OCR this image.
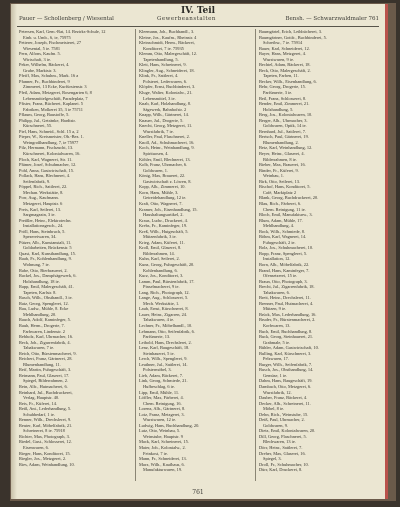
IV. Teil
Pauer — Schollenberg / Wiesental	Gewerbeanstalten	Bensh. — Schwarzwaldmaler 761
Petersen, Karl, Gem.-Rat, 14. Bezirks-Schule, 12
Einb. u. Umb., 6, ie, 75975
Petterer, Joseph, Fischmeisterei, 27
Wiesental, 5 ie. 7581
Pern, Alfons, Kaufm. 5.
Wirtschaft, 3 ie.
Peker, Wilhelm, Bäckerei, 4.
Grube, Marktstr. 3.
Pfeiff, Max, Schuhm., Mark. 16 a
Pfanner, Fr., Buchbinderei, 9
Zimmerei, 13 Ecke, Kurfürstenstr. 3
Pfeil, Adam, Metzgerei, Rosengarten 6, 8
Lebensmittelgeschäft, Paradeplatz, 7
Pfister, Franz, Bücherei, Kaplanei. 5
Fabriken, Molkerei 35, 3 ie 75711
Pflaum, Georg, Baustoffe, 5.
Philipp, Jul., Getränke, Hardtstr.
Kürschnerei, 55.
Piel, Hans, Schneid., Schl. 15 a, 2
Pieper, W., Kreismeister, Ob.-Bez. 1.
Weingroßhandlung, 7, ie 75977
Pilz, Hermann, Fischzucht, 13.
Kürschnerei, Kolonialwaren, 16.
Ploch, Karl, Wagnerei, Str. 11.
Plümer, Josef, Schuhmacher, 12.
Pohl, Anna, Gastwirtschaft, 15.
Pollack, Hans, Blechnerei, 4.
Seifenfabrik, 9.
Pöppel, Rich., Sattlerei, 22.
Mechan. Werkstätte, 8.
Porr, Aug., Kaufmann.
Metzgerei, Hauptstr. 6
Preis, Karl, Seilerei, 13.
Sargmagazin, 3 ie.
Preißler, Heinr., Elektrotechn.
Installationsgesch., 24.
Pröll, Hans, Steinbruch, 5.
Spezereiwaren, 34.
Pützer, Alb., Kunstanstalt, 11.
Goldarbeiten, Brückenstr. 5
Quast, Karl, Kunsthandlung, 15.
Raab, Fr., Kohlenhandlung, 9.
Wohnung, 7 ie.
Rabe, Otto, Bierbrauerei, 2.
Rackel, Jos., Dampfsägewerk, 6.
Holzhandlung, 18 ie.
Rapp, Emil, Malergeschäft, 41.
Tapeten, Karlstr. 8.
Rasch, Wilh., Obsthandl., 3 ie.
Ratz, Georg, Spenglerei, 12.
Rau, Ludw., Mühle, 8. Ecke
Mehlhandlung, 20.
Rauch, Adolf, Kaminfeger, 5.
Rauh, Herm., Drogerie, 7.
Farbwaren, Lindenstr. 2
Rebholz, Karl, Uhrmacher, 16.
Reck, Joh., Zigarrenfabrik, 4.
Tabakwaren, 7 ie.
Reich, Otto, Bürstenmacherei, 9.
Reichert, Franz, Gärtnerei, 28.
Blumenhandlung, 11.
Reif, Martin, Fuhrgeschäft, 3.
Reimann, Paul, Glaserei, 17.
Spiegel, Bilderrahmen, 2.
Rein, Alfr., Hutmacherei, 6.
Reinhard, Jul., Buchdruckerei,
Verlag, Hauptstr. 40.
Reis, Fr., Küferei, 14.
Reiß, Ant., Lederhandlung, 5.
Schuhbedarf, 1 ie.
Renner, Wilh., Drechslerei, 9.
Reuter, Karl, Möbelfabrik, 21.
Schreinerei, 8 ie. 75918
Richter, Max, Photograph, 3.
Riedel, Gust., Schlosserei, 12.
Eisenwaren, 6.
Rieger, Hans, Konditorei, 15.
Riegler, Jos., Metzgerei, 2.
Ries, Adam, Weinhandlung, 10.
Kleemann, Joh., Buchhandl., 3.
Kleine, Jos., Kaufm., Rheinstr. 4
Kleinschmidt, Herm., Bäckerei,
Konditorei, 7 ie. 75935
Klemm, Otto, Malergeschäft, 12.
Tapetenhandlung, 5.
Klett, Hans, Schreinerei, 9.
Klingler, Aug., Schneiderei, 18.
Klink, Fr., Sattlerei, 4.
Polsterei, Lederwaren, 6.
Klöpfer, Ernst, Buchbinderei, 3.
Kluge, Walter, Kolonialw., 21.
Lebensmittel, 3 ie.
Knab, Karl, Holzhandlung, 8.
Sägewerk, Bahnhofstr. 2
Knapp, Wilh., Gärtnerei, 14.
Knauer, Jul., Drogerie, 5.
Knecht, Georg, Metzgerei, 11.
Wurstfabrik, 7 ie.
Kneller, Paul, Flaschnerei, 2.
Knoll, Ad., Schuhmacherei, 16.
Koch, Heinr., Weinhandlung, 9.
Spirituosen, 4.
Köhler, Emil, Blechnerei, 13.
Kolb, Franz, Uhrmacher, 6.
Goldwaren, 1.
König, Max, Brauerei, 22.
Gastwirtschaft z. Löwen, 8.
Kopp, Alb., Zimmerei, 10.
Korn, Hans, Mühle, 3.
Getreidehandlung, 12 ie.
Kraft, Otto, Wagnerei, 7.
Kramer, Joh., Eisenhandlung, 15.
Haushaltungsartikel, 2.
Kraus, Ludw., Druckerei, 4.
Krebs, Fr., Kaminfeger, 19.
Kreß, Wilh., Hutgeschäft, 5.
Mützenfabrik, 3 ie.
Krieg, Adam, Küferei, 11.
Kroll, Emil, Glaserei, 8.
Bilderrahmen, 14.
Kuhn, Karl, Seilerei, 2.
Kunz, Georg, Fuhrgeschäft, 20.
Kohlenhandlung, 6.
Kurz, Jos., Konditorei, 3.
Lamm, Paul, Bürstenfabrik, 17.
Pinselmacherei, 9 ie.
Lang, Rich., Photograph, 12.
Lange, Aug., Schlosserei, 5.
Mech. Werkstätte, 1.
Laub, Ernst, Kürschnerei, 8.
Lauer, Heinr., Zigarren, 24.
Tabakwaren, 4 ie.
Lechner, Fr., Möbelhandl., 10.
Lehmann, Otto, Seifenfabrik, 6.
Parfümerie, 13.
Leibold, Hans, Drechslerei, 2.
Lenz, Karl, Baugeschäft, 18.
Steinhauerei, 5 ie.
Lerch, Wilh., Spenglerei, 9.
Leuthner, Jul., Sattlerei, 14.
Polstermöbel, 3.
Lieb, Adam, Bäckerei, 7.
Link, Georg, Schmiede, 21.
Hufbeschlag, 6 ie.
Lipp, Emil, Mühle, 11.
Löffler, Max, Färberei, 4.
Chem. Reinigung, 16.
Lorenz, Alb., Gärtnerei, 8.
Lotz, Franz, Metzgerei, 3.
Wurstwaren, 12 ie.
Ludwig, Hans, Buchhandlung, 20.
Lutz, Otto, Weinbau, 5.
Weinstube, Hauptstr. 9
Mack, Karl, Schreinerei, 15.
Maier, Joh., Kolonialw., 2.
Feinkost, 7 ie.
Mann, Fr., Schneiderei, 13.
Marx, Wilh., Kaufhaus, 6.
Manufakturwaren, 19.
Baumgärtel, Erich, Leihbücherei, 3.
Baumgärtner, Gottfr., Buchbinderei, 5.
Schreibw., 7 ie. 75914
Bauer, Karl, Schneiderei, 12.
Bayer, Hans, Metzgerei, 4.
Wurstwaren, 9 ie.
Bechtel, Adam, Bäckerei, 18.
Beck, Otto, Malergeschäft, 2.
Tapeten, Farben, 11.
Becker, Wilh., Eisenhandlung, 6.
Behr, Georg, Drogerie, 15.
Parfümerie, 3 ie.
Beil, Franz, Schlosserei, 8.
Bender, Emil, Zimmerei, 21.
Holzhandlung, 5.
Berg, Jos., Kolonialwaren, 10.
Berger, Alb., Uhrmacher, 3.
Goldwaren, Optik, 14 ie.
Bernhard, Jul., Sattlerei, 7.
Bertsch, Paul, Gärtnerei, 19.
Blumenhandlung, 2.
Betz, Karl, Weinhandlung, 12.
Beyer, Heinr., Glaserei, 4.
Bilderrahmen, 8 ie.
Bieber, Max, Brauerei, 16.
Binder, Fr., Küferei, 9.
Weinbau, 1.
Birk, Otto, Seilerei, 13.
Bischof, Hans, Konditorei, 5.
Café, Marktplatz 2
Blank, Georg, Buchdruckerei, 20.
Blau, Rich., Färberei, 6.
Chem. Reinigung, 11 ie.
Bloch, Emil, Manufakturw., 3.
Blum, Adam, Mühle, 17.
Mehlhandlung, 4.
Bock, Wilh., Schmiede, 8.
Böhm, Karl, Wagnerei, 14.
Fuhrgeschäft, 2 ie.
Bolz, Jos., Schuhmacherei, 10.
Bopp, Franz, Spenglerei, 5.
Installation, 12.
Born, Alb., Möbelfabrik, 22.
Brand, Hans, Kaminfeger, 7.
Ofensetzerei, 15 ie.
Braun, Otto, Photograph, 3.
Brecht, Jul., Zigarrenfabrik, 18.
Tabakwaren, 6.
Breit, Heinr., Drechslerei, 11.
Brenner, Paul, Hutmacherei, 4.
Mützen, 9 ie.
Brück, Max, Lederhandlung, 16.
Bruder, Fr., Bürstenmacherei, 2.
Korbwaren, 13.
Buch, Emil, Buchhandlung, 8.
Buck, Georg, Steinhauerei, 21.
Grabmale, 5 ie.
Bühler, Adam, Gastwirtschaft, 10.
Bulling, Karl, Kürschnerei, 3.
Pelzwaren, 17.
Burger, Wilh., Seifenfabrik, 7.
Busch, Jos., Obsthandlung, 14.
Gemüse, 1 ie.
Dahm, Hans, Baugeschäft, 19.
Dambach, Otto, Metzgerei, 6.
Wurstfabrik, 12.
Dauber, Franz, Bäckerei, 4.
Decker, Alb., Schreinerei, 11.
Möbel, 8 ie.
Dehn, Rich., Weinstube, 15.
Deiß, Paul, Uhrmacher, 2.
Goldwaren, 9.
Dietz, Emil, Kolonialwaren, 20.
Dill, Georg, Flaschnerei, 5.
Blechwaren, 13 ie.
Dörr, Heinr., Sattlerei, 7.
Dreher, Max, Glaserei, 16.
Spiegel, 3.
Droll, Fr., Schuhmacher, 10.
Dürr, Karl, Druckerei, 8.
761
